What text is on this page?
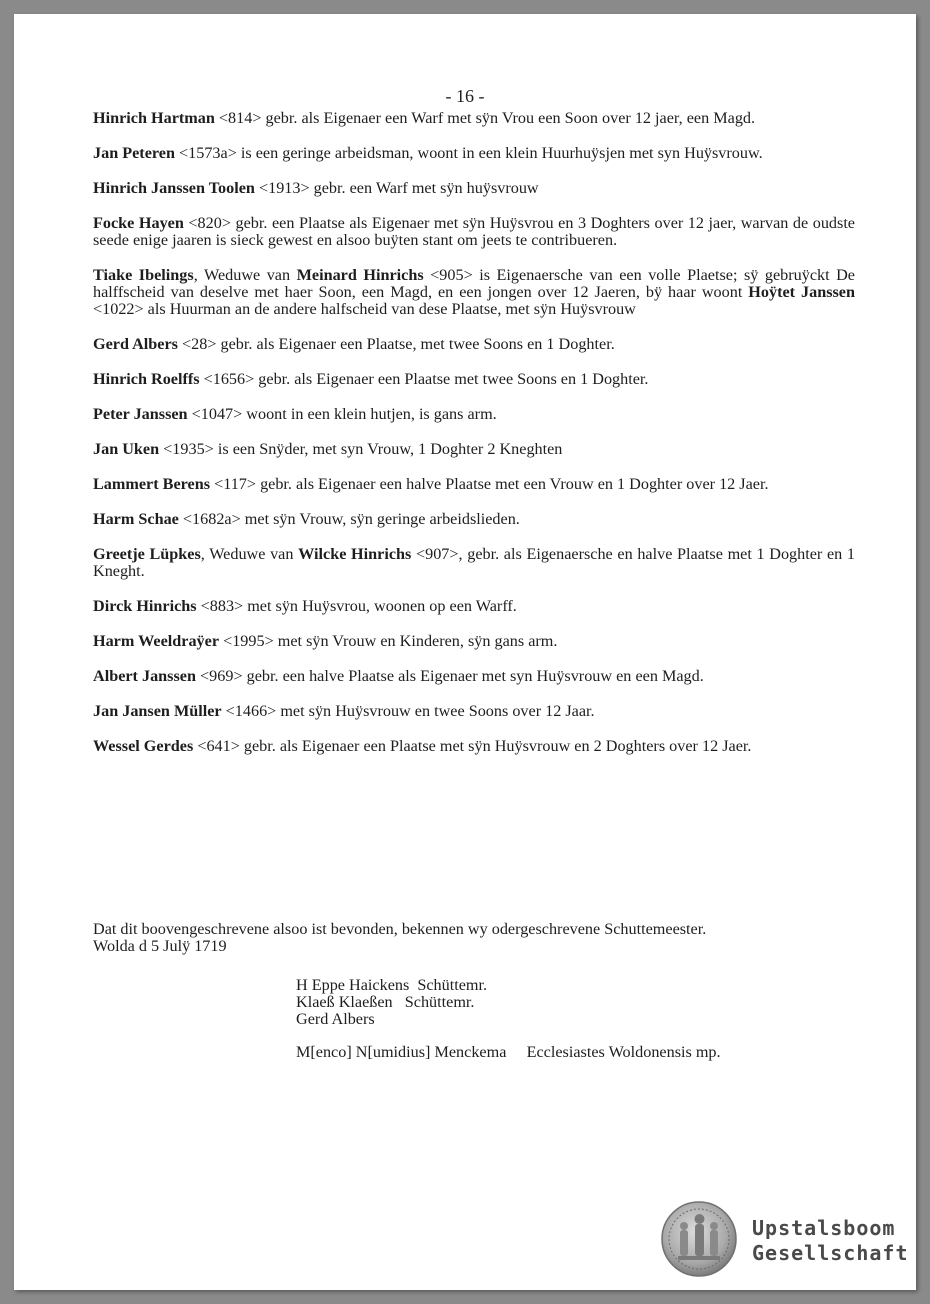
- 16 -

Hinrich Hartman <814> gebr. als Eigenaer een Warf met sÿn Vrou een Soon over 12 jaer, een Magd.

Jan Peteren <1573a> is een geringe arbeidsman, woont in een klein Huurhuÿsjen met syn Huÿsvrouw.

Hinrich Janssen Toolen <1913> gebr. een Warf met sÿn huÿsvrouw

Focke Hayen <820> gebr. een Plaatse als Eigenaer met sÿn Huÿsvrou en 3 Doghters over 12 jaer, warvan de oudste seede enige jaaren is sieck gewest en alsoo buÿten stant om jeets te contribueren.

Tiake Ibelings, Weduwe van Meinard Hinrichs <905> is Eigenaersche van een volle Plaetse; sÿ gebruÿckt De halffscheid van deselve met haer Soon, een Magd, en een jongen over 12 Jaeren, bÿ haar woont Hoÿtet Janssen <1022> als Huurman an de andere halfscheid van dese Plaatse, met sÿn Huÿsvrouw

Gerd Albers <28> gebr. als Eigenaer een Plaatse, met twee Soons en 1 Doghter.

Hinrich Roelffs <1656> gebr. als Eigenaer een Plaatse met twee Soons en 1 Doghter.

Peter Janssen <1047> woont in een klein hutjen, is gans arm.

Jan Uken <1935> is een Snÿder, met syn Vrouw, 1 Doghter 2 Kneghten

Lammert Berens <117> gebr. als Eigenaer een halve Plaatse met een Vrouw en 1 Doghter over 12 Jaer.

Harm Schae <1682a> met sÿn Vrouw, sÿn geringe arbeidslieden.

Greetje Lüpkes, Weduwe van Wilcke Hinrichs <907>, gebr. als Eigenaersche en halve Plaatse met 1 Doghter en 1 Kneght.

Dirck Hinrichs <883> met sÿn Huÿsvrou, woonen op een Warff.

Harm Weeldraÿer <1995> met sÿn Vrouw en Kinderen, sÿn gans arm.

Albert Janssen <969> gebr. een halve Plaatse als Eigenaer met syn Huÿsvrouw en een Magd.

Jan Jansen Müller <1466> met sÿn Huÿsvrouw en twee Soons over 12 Jaar.

Wessel Gerdes <641> gebr. als Eigenaer een Plaatse met sÿn Huÿsvrouw en 2 Doghters over 12 Jaer.

Dat dit boovengeschrevene alsoo ist bevonden, bekennen wy odergeschrevene Schuttemeester.
Wolda d 5 Julÿ 1719
H Eppe Haickens  Schüttemr.
Klaeß Klaeßen   Schüttemr.
Gerd Albers
M[enco] N[umidius] Menckema     Ecclesiastes Woldonensis mp.
Upstalsboom
Gesellschaft
